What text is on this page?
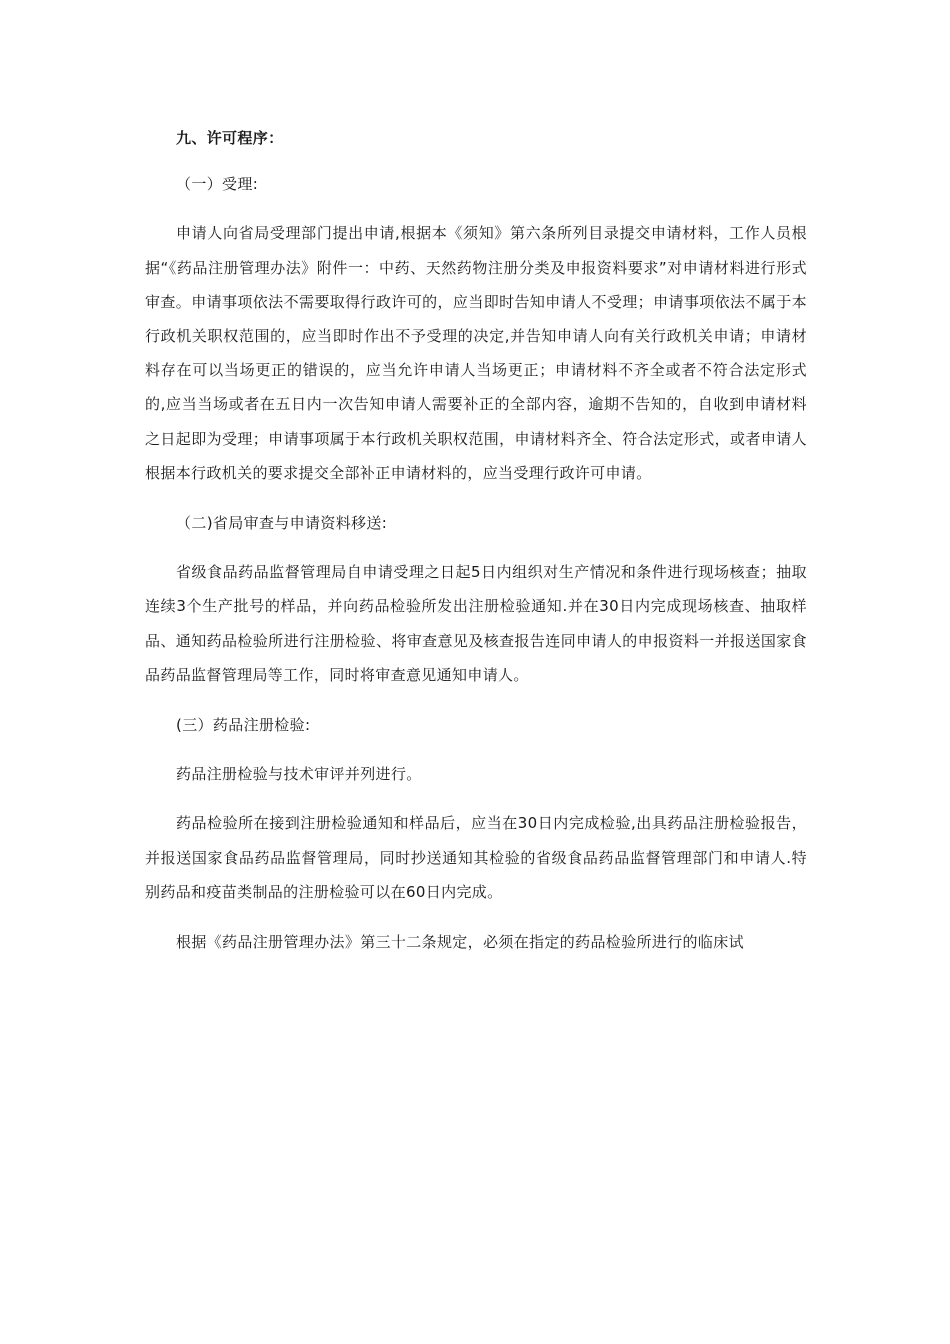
九、许可程序：

（一）受理:

申请人向省局受理部门提出申请,根据本《须知》第六条所列目录提交申请材料，工作人员根据“《药品注册管理办法》附件一：中药、天然药物注册分类及申报资料要求”对申请材料进行形式审查。申请事项依法不需要取得行政许可的，应当即时告知申请人不受理；申请事项依法不属于本行政机关职权范围的，应当即时作出不予受理的决定,并告知申请人向有关行政机关申请；申请材料存在可以当场更正的错误的，应当允许申请人当场更正；申请材料不齐全或者不符合法定形式的,应当当场或者在五日内一次告知申请人需要补正的全部内容，逾期不告知的，自收到申请材料之日起即为受理；申请事项属于本行政机关职权范围，申请材料齐全、符合法定形式，或者申请人根据本行政机关的要求提交全部补正申请材料的，应当受理行政许可申请。

（二)省局审查与申请资料移送:

省级食品药品监督管理局自申请受理之日起5日内组织对生产情况和条件进行现场核查；抽取连续3个生产批号的样品，并向药品检验所发出注册检验通知.并在30日内完成现场核查、抽取样品、通知药品检验所进行注册检验、将审查意见及核查报告连同申请人的申报资料一并报送国家食品药品监督管理局等工作，同时将审查意见通知申请人。

(三）药品注册检验:

药品注册检验与技术审评并列进行。

药品检验所在接到注册检验通知和样品后，应当在30日内完成检验,出具药品注册检验报告，并报送国家食品药品监督管理局，同时抄送通知其检验的省级食品药品监督管理部门和申请人.特别药品和疫苗类制品的注册检验可以在60日内完成。

根据《药品注册管理办法》第三十二条规定，必须在指定的药品检验所进行的临床试
